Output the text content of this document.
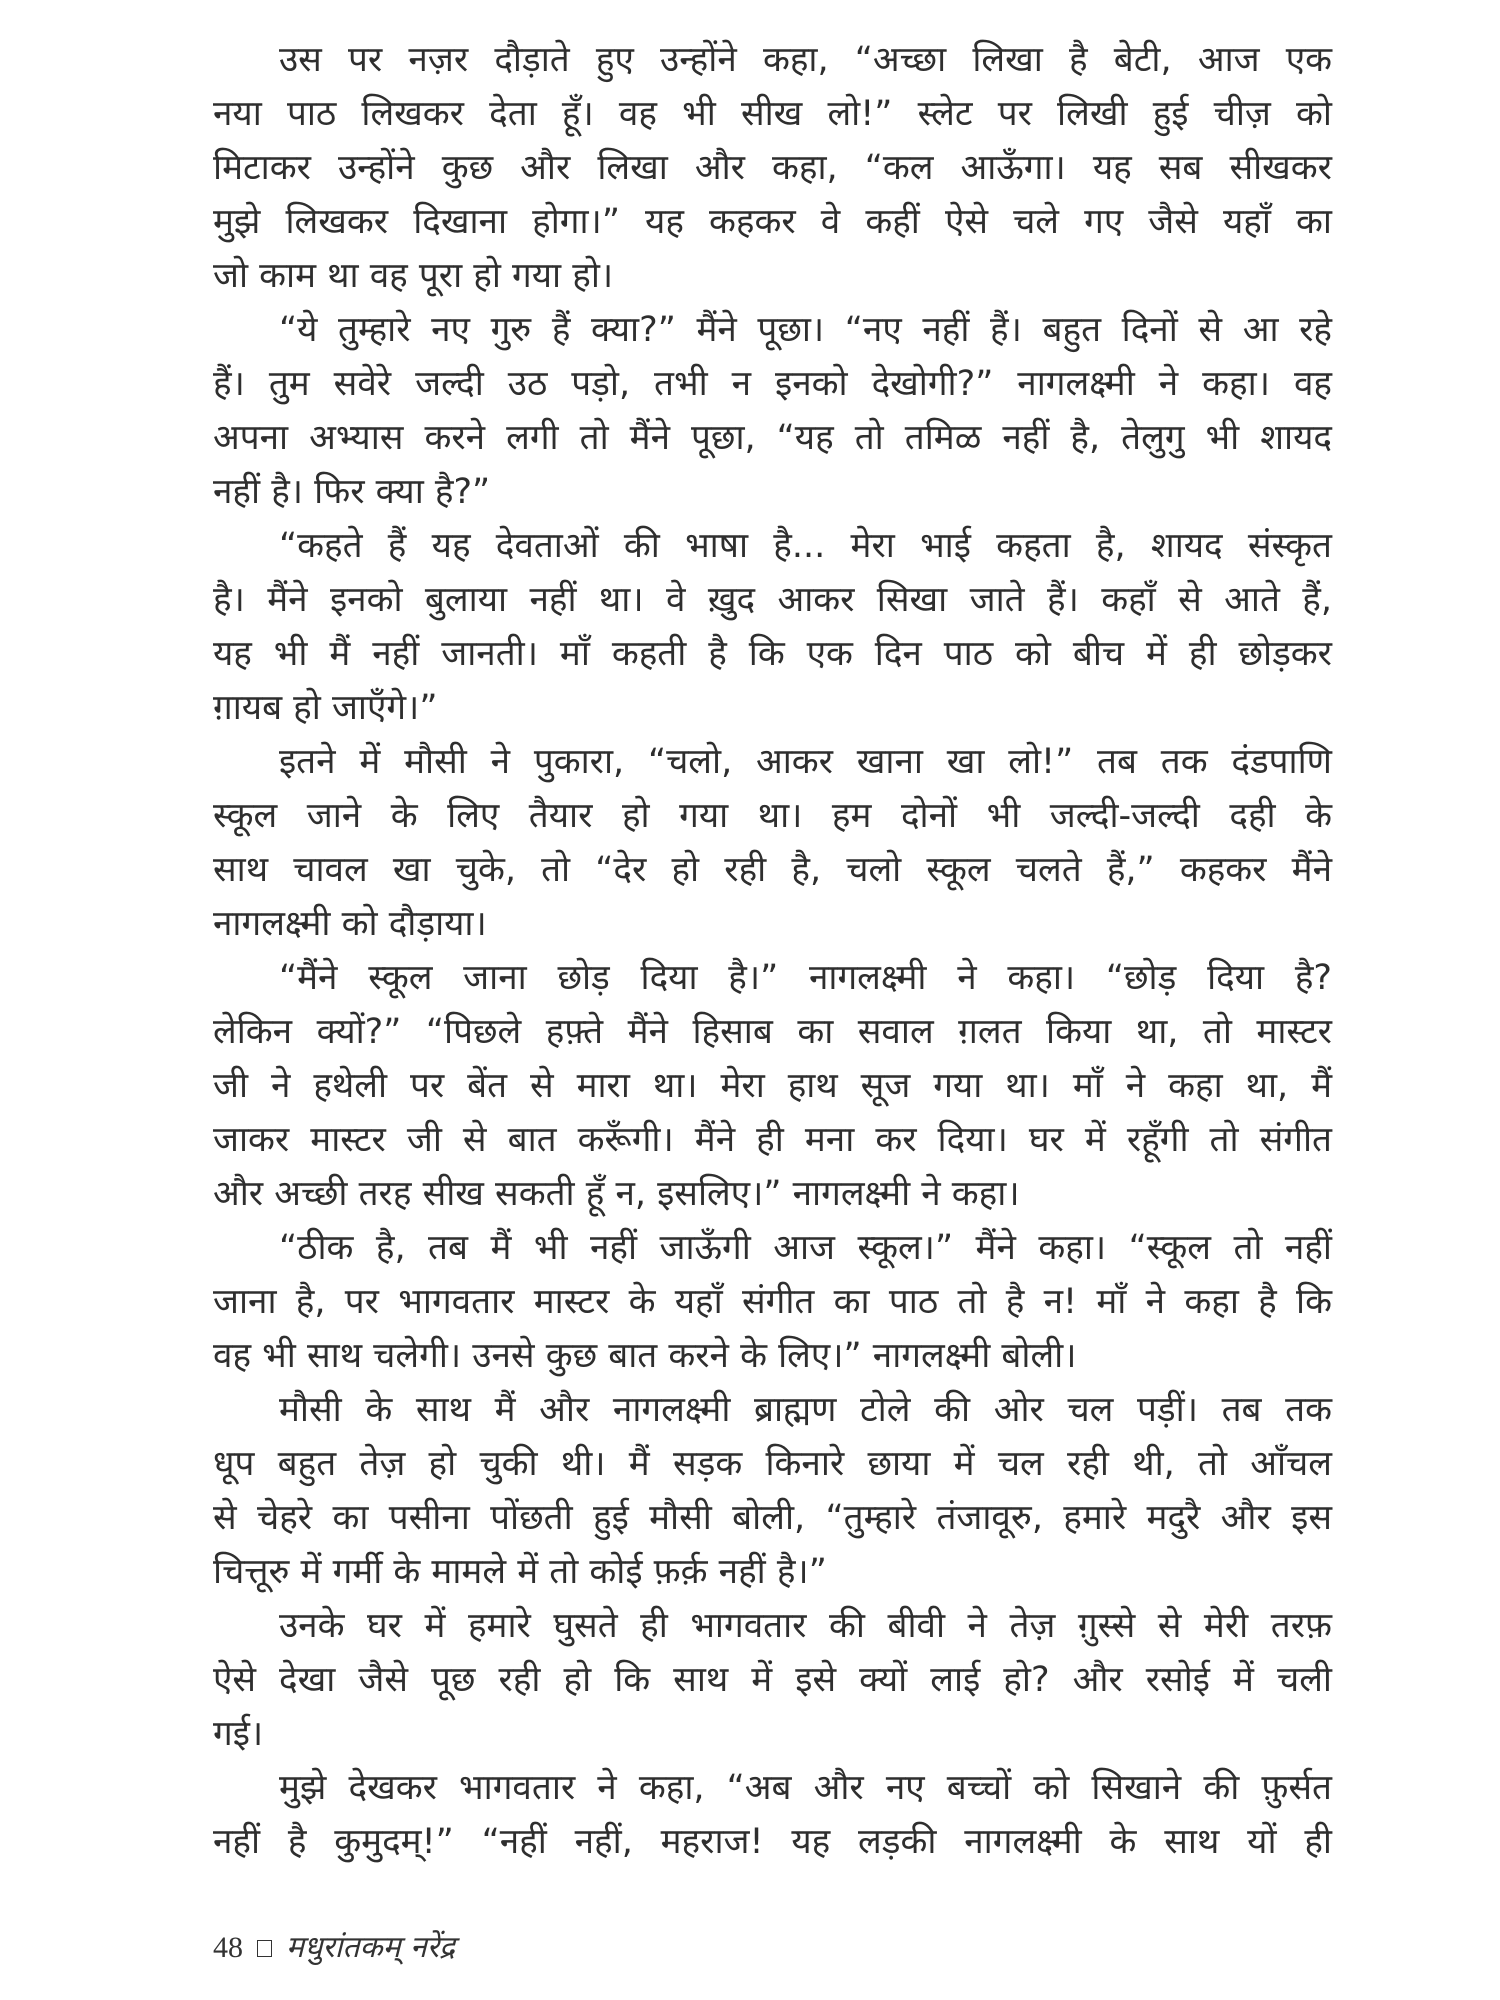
उस पर नज़र दौड़ाते हुए उन्होंने कहा, “अच्छा लिखा है बेटी, आज एक
नया पाठ लिखकर देता हूँ। वह भी सीख लो!” स्लेट पर लिखी हुई चीज़ को
मिटाकर उन्होंने कुछ और लिखा और कहा, “कल आऊँगा। यह सब सीखकर
मुझे लिखकर दिखाना होगा।” यह कहकर वे कहीं ऐसे चले गए जैसे यहाँ का
जो काम था वह पूरा हो गया हो।
“ये तुम्हारे नए गुरु हैं क्या?” मैंने पूछा। “नए नहीं हैं। बहुत दिनों से आ रहे
हैं। तुम सवेरे जल्दी उठ पड़ो, तभी न इनको देखोगी?” नागलक्ष्मी ने कहा। वह
अपना अभ्यास करने लगी तो मैंने पूछा, “यह तो तमिळ नहीं है, तेलुगु भी शायद
नहीं है। फिर क्या है?”
“कहते हैं यह देवताओं की भाषा है... मेरा भाई कहता है, शायद संस्कृत
है। मैंने इनको बुलाया नहीं था। वे ख़ुद आकर सिखा जाते हैं। कहाँ से आते हैं,
यह भी मैं नहीं जानती। माँ कहती है कि एक दिन पाठ को बीच में ही छोड़कर
ग़ायब हो जाएँगे।”
इतने में मौसी ने पुकारा, “चलो, आकर खाना खा लो!” तब तक दंडपाणि
स्कूल जाने के लिए तैयार हो गया था। हम दोनों भी जल्दी-जल्दी दही के
साथ चावल खा चुके, तो “देर हो रही है, चलो स्कूल चलते हैं,” कहकर मैंने
नागलक्ष्मी को दौड़ाया।
“मैंने स्कूल जाना छोड़ दिया है।” नागलक्ष्मी ने कहा। “छोड़ दिया है?
लेकिन क्यों?” “पिछले हफ़्ते मैंने हिसाब का सवाल ग़लत किया था, तो मास्टर
जी ने हथेली पर बेंत से मारा था। मेरा हाथ सूज गया था। माँ ने कहा था, मैं
जाकर मास्टर जी से बात करूँगी। मैंने ही मना कर दिया। घर में रहूँगी तो संगीत
और अच्छी तरह सीख सकती हूँ न, इसलिए।” नागलक्ष्मी ने कहा।
“ठीक है, तब मैं भी नहीं जाऊँगी आज स्कूल।” मैंने कहा। “स्कूल तो नहीं
जाना है, पर भागवतार मास्टर के यहाँ संगीत का पाठ तो है न! माँ ने कहा है कि
वह भी साथ चलेगी। उनसे कुछ बात करने के लिए।” नागलक्ष्मी बोली।
मौसी के साथ मैं और नागलक्ष्मी ब्राह्मण टोले की ओर चल पड़ीं। तब तक
धूप बहुत तेज़ हो चुकी थी। मैं सड़क किनारे छाया में चल रही थी, तो आँचल
से चेहरे का पसीना पोंछती हुई मौसी बोली, “तुम्हारे तंजावूरु, हमारे मदुरै और इस
चित्तूरु में गर्मी के मामले में तो कोई फ़र्क़ नहीं है।”
उनके घर में हमारे घुसते ही भागवतार की बीवी ने तेज़ ग़ुस्से से मेरी तरफ़
ऐसे देखा जैसे पूछ रही हो कि साथ में इसे क्यों लाई हो? और रसोई में चली
गई।
मुझे देखकर भागवतार ने कहा, “अब और नए बच्चों को सिखाने की फ़ुर्सत
नहीं है कुमुदम्!” “नहीं नहीं, महराज! यह लड़की नागलक्ष्मी के साथ यों ही
48 मधुरांतकम् नरेंद्र
